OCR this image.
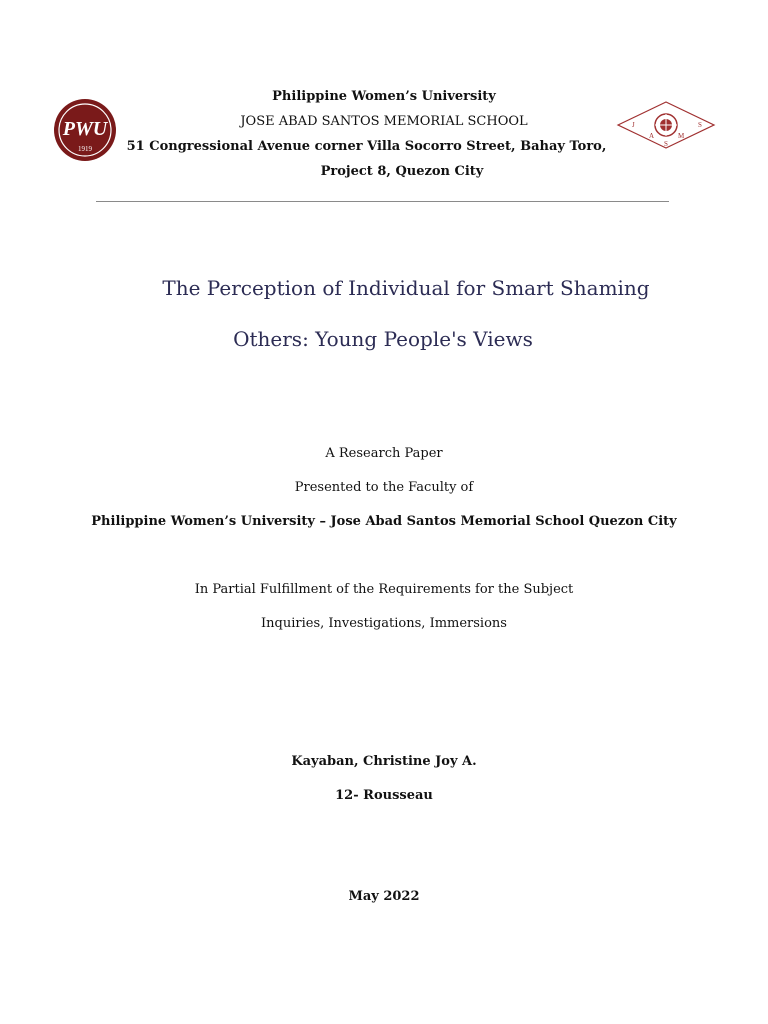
PWU
1919
J
A
S
M
S
Philippine Women’s University
JOSE ABAD SANTOS MEMORIAL SCHOOL
51 Congressional Avenue corner Villa Socorro Street, Bahay Toro,
Project 8, Quezon City
The Perception of Individual for Smart Shaming
Others: Young People's Views
A Research Paper
Presented to the Faculty of
Philippine Women’s University – Jose Abad Santos Memorial School Quezon City
In Partial Fulfillment of the Requirements for the Subject
Inquiries, Investigations, Immersions
Kayaban, Christine Joy A.
12- Rousseau
May 2022
